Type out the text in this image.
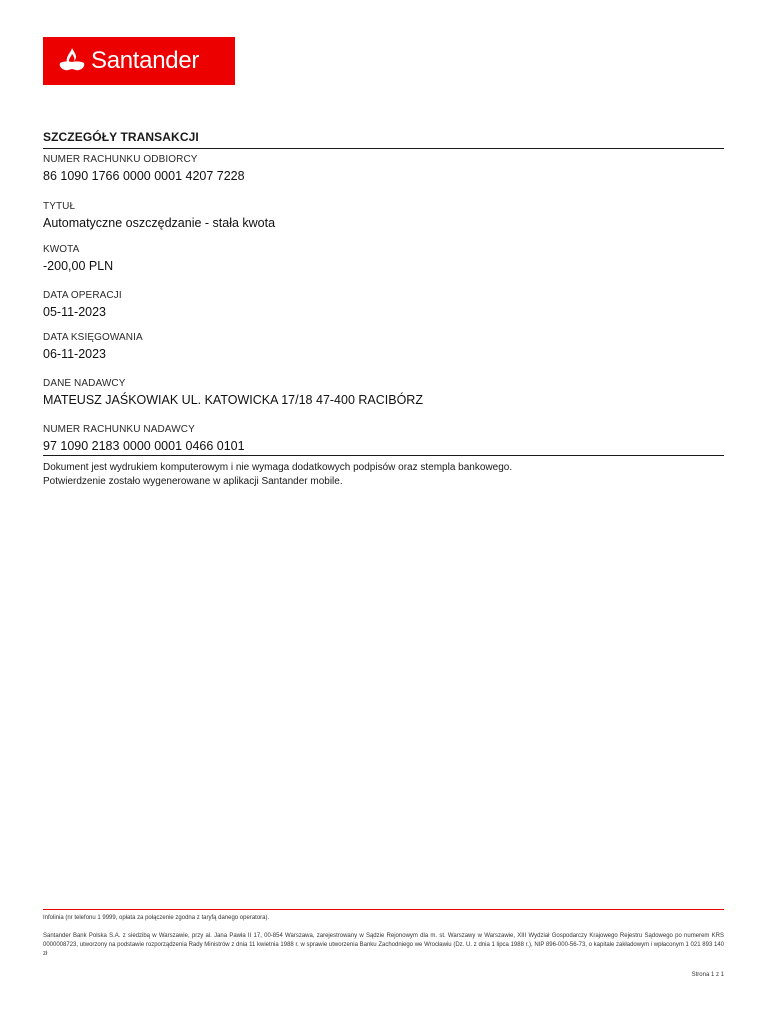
Santander
SZCZEGÓŁY TRANSAKCJI
NUMER RACHUNKU ODBIORCY
86 1090 1766 0000 0001 4207 7228
TYTUŁ
Automatyczne oszczędzanie - stała kwota
KWOTA
-200,00 PLN
DATA OPERACJI
05-11-2023
DATA KSIĘGOWANIA
06-11-2023
DANE NADAWCY
MATEUSZ JAŚKOWIAK UL. KATOWICKA 17/18 47-400 RACIBÓRZ
NUMER RACHUNKU NADAWCY
97 1090 2183 0000 0001 0466 0101
Dokument jest wydrukiem komputerowym i nie wymaga dodatkowych podpisów oraz stempla bankowego.
Potwierdzenie zostało wygenerowane w aplikacji Santander mobile.
Infolinia (nr telefonu 1 9999, opłata za połączenie zgodna z taryfą danego operatora).
Santander Bank Polska S.A. z siedzibą w Warszawie, przy al. Jana Pawła II 17, 00-854 Warszawa, zarejestrowany w Sądzie Rejonowym dla m. st. Warszawy w Warszawie, XIII Wydział Gospodarczy Krajowego Rejestru Sądowego po numerem KRS 0000008723, utworzony na podstawie rozporządzenia Rady Ministrów z dnia 11 kwietnia 1988 r. w sprawie utworzenia Banku Zachodniego we Wrocławiu (Dz. U. z dnia 1 lipca 1988 r.), NIP 896-000-56-73, o kapitale zakładowym i wpłaconym 1 021 893 140 zł
Strona 1 z 1
